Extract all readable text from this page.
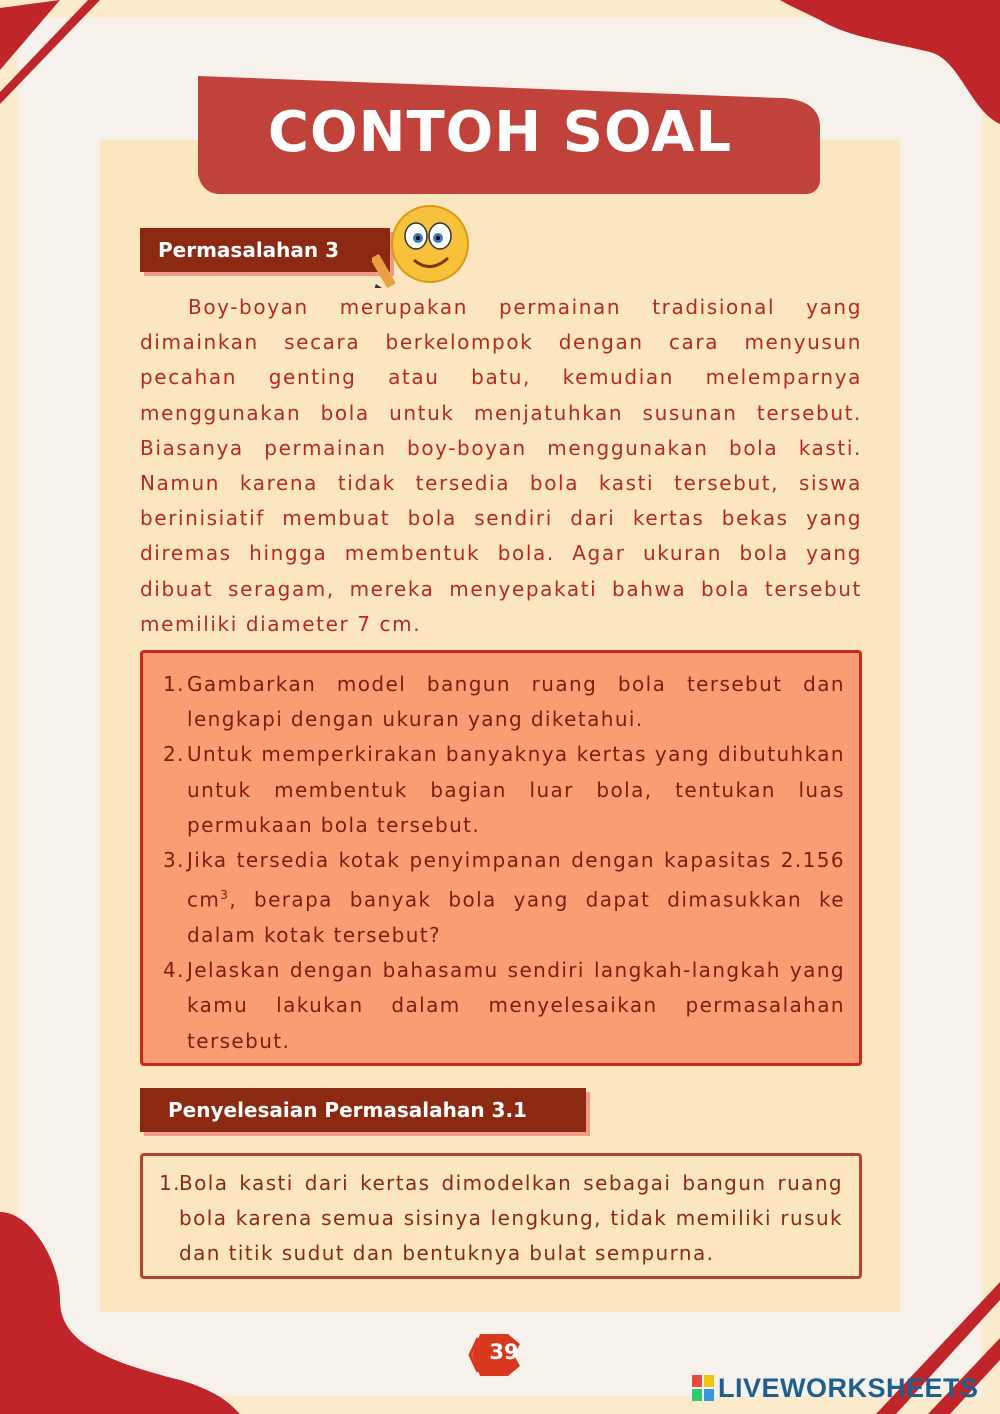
CONTOH SOAL
Permasalahan 3

Boy-boyan merupakan permainan tradisional yang dimainkan secara berkelompok dengan cara menyusun pecahan genting atau batu, kemudian melemparnya menggunakan bola untuk menjatuhkan susunan tersebut. Biasanya permainan boy-boyan menggunakan bola kasti. Namun karena tidak tersedia bola kasti tersebut, siswa berinisiatif membuat bola sendiri dari kertas bekas yang diremas hingga membentuk bola. Agar ukuran bola yang dibuat seragam, mereka menyepakati bahwa bola tersebut memiliki diameter 7 cm.

1. Gambarkan model bangun ruang bola tersebut dan lengkapi dengan ukuran yang diketahui.
2. Untuk memperkirakan banyaknya kertas yang dibutuhkan untuk membentuk bagian luar bola, tentukan luas permukaan bola tersebut.
3. Jika tersedia kotak penyimpanan dengan kapasitas 2.156 $cm^3$, berapa banyak bola yang dapat dimasukkan ke dalam kotak tersebut?
4. Jelaskan dengan bahasamu sendiri langkah-langkah yang kamu lakukan dalam menyelesaikan permasalahan tersebut.
Penyelesaian Permasalahan 3.1
1.
Bola kasti dari kertas dimodelkan sebagai bangun ruang bola karena semua sisinya lengkung, tidak memiliki rusuk dan titik sudut dan bentuknya bulat sempurna.
39
LIVEWORKSHEETS
